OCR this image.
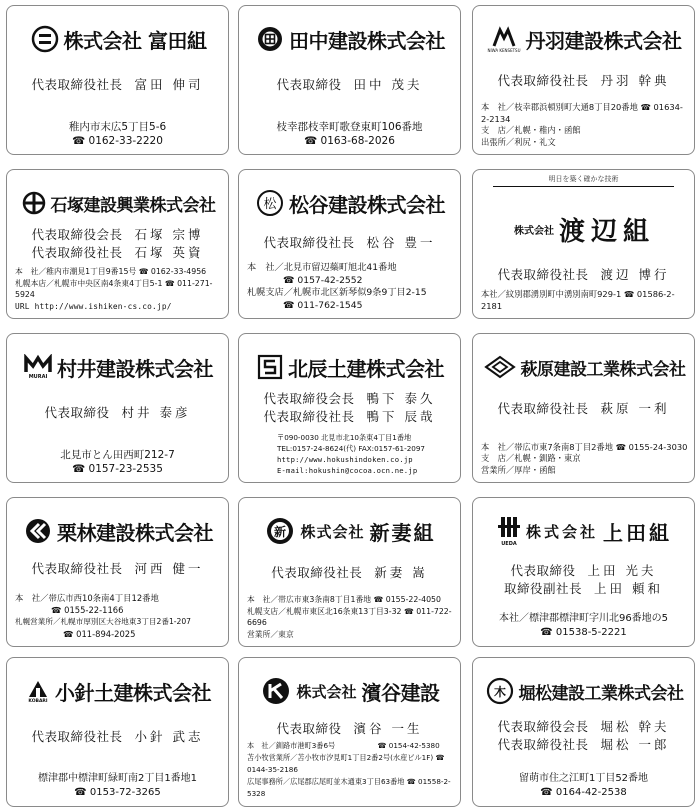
株式会社 富田組
代表取締役社長 富田 伸司
稚内市末広5丁目5-6
☎ 0162-33-2220
田中建設株式会社
代表取締役 田中 茂夫
枝幸郡枝幸町歌登東町106番地
☎ 0163-68-2026
NIWA KENSETSU 丹羽建設株式会社
代表取締役社長 丹羽 幹典
本　社／枝幸郡浜頓別町大通8丁目20番地 ☎ 01634-2-2134
支　店／札幌・稚内・函館
出張所／利尻・礼文
石塚建設興業株式会社
代表取締役会長 石塚 宗博
代表取締役社長 石塚 英資
本　社／稚内市潮見1丁目9番15号 ☎ 0162-33-4956
札幌本店／札幌市中央区南4条東4丁目5-1 ☎ 011-271-5924
URL http://www.ishiken-cs.co.jp/
松 松谷建設株式会社
代表取締役社長 松谷 豊一
本　社／北見市留辺蘂町旭北41番地
☎ 0157-42-2552
札幌支店／札幌市北区新琴似9条9丁目2-15
☎ 011-762-1545
明日を築く確かな技術
株式会社 渡辺組
代表取締役社長 渡辺 博行
本社／紋別郡湧別町中湧別南町929-1 ☎ 01586-2-2181
MURAI 村井建設株式会社
代表取締役 村井 泰彦
北見市とん田西町212-7
☎ 0157-23-2535
北辰土建株式会社
代表取締役会長 鴨下 泰久
代表取締役社長 鴨下 辰哉
〒090-0030 北見市北10条東4丁目1番地
TEL:0157-24-8624(代) FAX:0157-61-2097
http://www.hokushindoken.co.jp
E-mail:hokushin@cocoa.ocn.ne.jp
萩原建設工業株式会社
代表取締役社長 萩原 一利
本　社／帯広市東7条南8丁目2番地 ☎ 0155-24-3030
支　店／札幌・釧路・東京
営業所／厚岸・函館
栗林建設株式会社
代表取締役社長 河西 健一
本　社／帯広市西10条南4丁目12番地
☎ 0155-22-1166
札幌営業所／札幌市厚別区大谷地東3丁目2番1-207
☎ 011-894-2025
新 株式会社 新妻組
代表取締役社長 新妻 嵩
本　社／帯広市東3条南8丁目1番地 ☎ 0155-22-4050
札幌支店／札幌市東区北16条東13丁目3-32 ☎ 011-722-6696
営業所／東京
UEDA
株式会社 上田組
代表取締役 上田 光夫
取締役副社長 上田 頼和
本社／標津郡標津町字川北96番地の5
☎ 01538-5-2221
KOBARI 小針土建株式会社
代表取締役社長 小針 武志
標津郡中標津町緑町南2丁目1番地1
☎ 0153-72-3265
株式会社 濱谷建設
代表取締役 濱谷 一生
本　社／釧路市港町3番6号	☎ 0154-42-5380
苫小牧営業所／苫小牧市汐見町1丁目2番2号(水産ビル1F) ☎ 0144-35-2186
広尾事務所／広尾郡広尾町並木通東3丁目63番地 ☎ 01558-2-5328
木 堀松建設工業株式会社
代表取締役会長 堀松 幹夫
代表取締役社長 堀松 一郎
留萌市住之江町1丁目52番地
☎ 0164-42-2538
